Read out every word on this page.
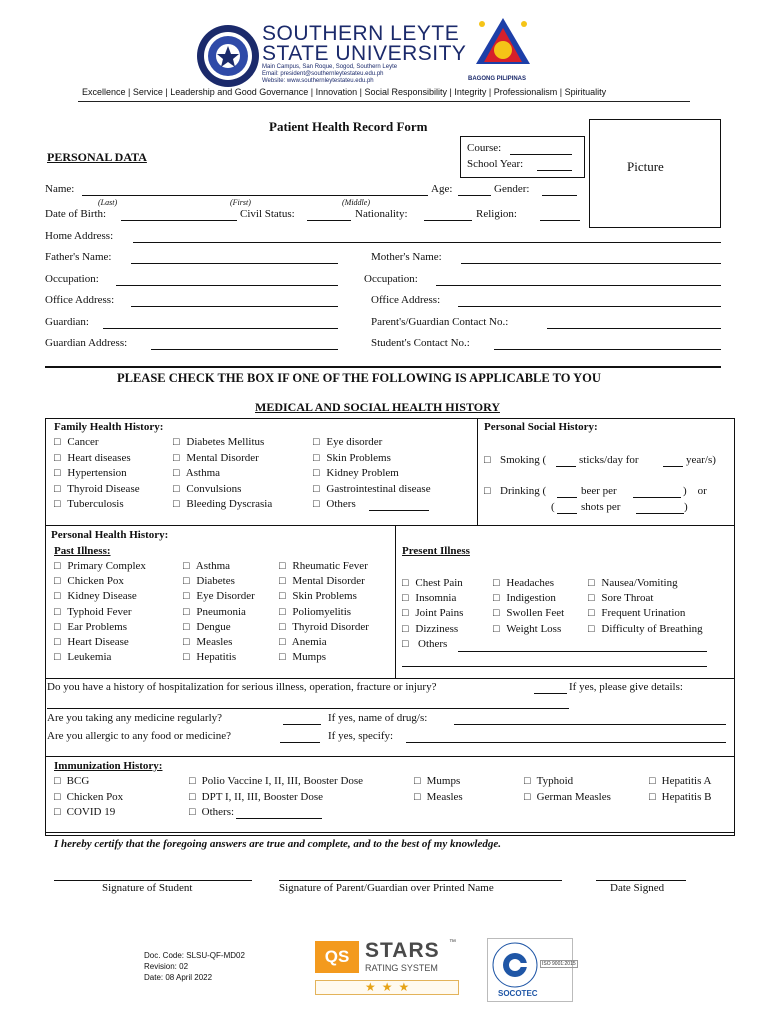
SOUTHERN LEYTE
STATE UNIVERSITY
Main Campus, San Roque, Sogod, Southern Leyte
Email: president@southernleytestateu.edu.ph
Website: www.southernleytestateu.edu.ph	BAGONG PILIPINAS
Excellence | Service | Leadership and Good Governance | Innovation | Social Responsibility | Integrity | Professionalism | Spirituality
Patient Health Record Form
PERSONAL DATA
Course:
School Year:	Picture
Name:
(Last)	(First)	(Middle)
Age:	Gender:
Date of Birth:	Civil Status:	Nationality:	Religion:
Home Address:
Father's Name:	Mother's Name:
Occupation:	Occupation:
Office Address:	Office Address:
Guardian:	Parent's/Guardian Contact No.:
Guardian Address:	Student's Contact No.:
PLEASE CHECK THE BOX IF ONE OF THE FOLLOWING IS APPLICABLE TO YOU
MEDICAL AND SOCIAL HEALTH HISTORY
Family Health History:
□ Cancer
□ Heart diseases
□ Hypertension
□ Thyroid Disease
□ Tuberculosis
□ Diabetes Mellitus
□ Mental Disorder
□ Asthma
□ Convulsions
□ Bleeding Dyscrasia
□ Eye disorder
□ Skin Problems
□ Kidney Problem
□ Gastrointestinal disease
□ Others
Personal Social History:
□ Smoking (	sticks/day for	year/s)
□ Drinking (	beer per	)    or
( shots per	)
Personal Health History:
Past Illness:
□ Primary Complex
□ Chicken Pox
□ Kidney Disease
□ Typhoid Fever
□ Ear Problems
□ Heart Disease
□ Leukemia
□ Asthma
□ Diabetes
□ Eye Disorder
□ Pneumonia
□ Dengue
□ Measles
□ Hepatitis
□ Rheumatic Fever
□ Mental Disorder
□ Skin Problems
□ Poliomyelitis
□ Thyroid Disorder
□ Anemia
□ Mumps
Present Illness
□ Chest Pain
□ Insomnia
□ Joint Pains
□ Dizziness
□ Headaches
□ Indigestion
□ Swollen Feet
□ Weight Loss
□ Nausea/Vomiting
□ Sore Throat
□ Frequent Urination
□ Difficulty of Breathing
□ Others
Do you have a history of hospitalization for serious illness, operation, fracture or injury?	If yes, please give details:
Are you taking any medicine regularly?	If yes, name of drug/s:
Are you allergic to any food or medicine?	If yes, specify:
Immunization History:
□ BCG	□ Polio Vaccine I, II, III, Booster Dose	□ Mumps	□ Typhoid	□ Hepatitis A
□ Chicken Pox	□ DPT I, II, III, Booster Dose	□ Measles	□ German Measles	□ Hepatitis B
□ COVID 19	□ Others:
I hereby certify that the foregoing answers are true and complete, and to the best of my knowledge.
Signature of Student	Signature of Parent/Guardian over Printed Name	Date Signed
Doc. Code: SLSU-QF-MD02
Revision: 02
Date: 08 April 2022
QS STARS ™
RATING SYSTEM
★  ★  ★
ISO 9001:2015
SOCOTEC
